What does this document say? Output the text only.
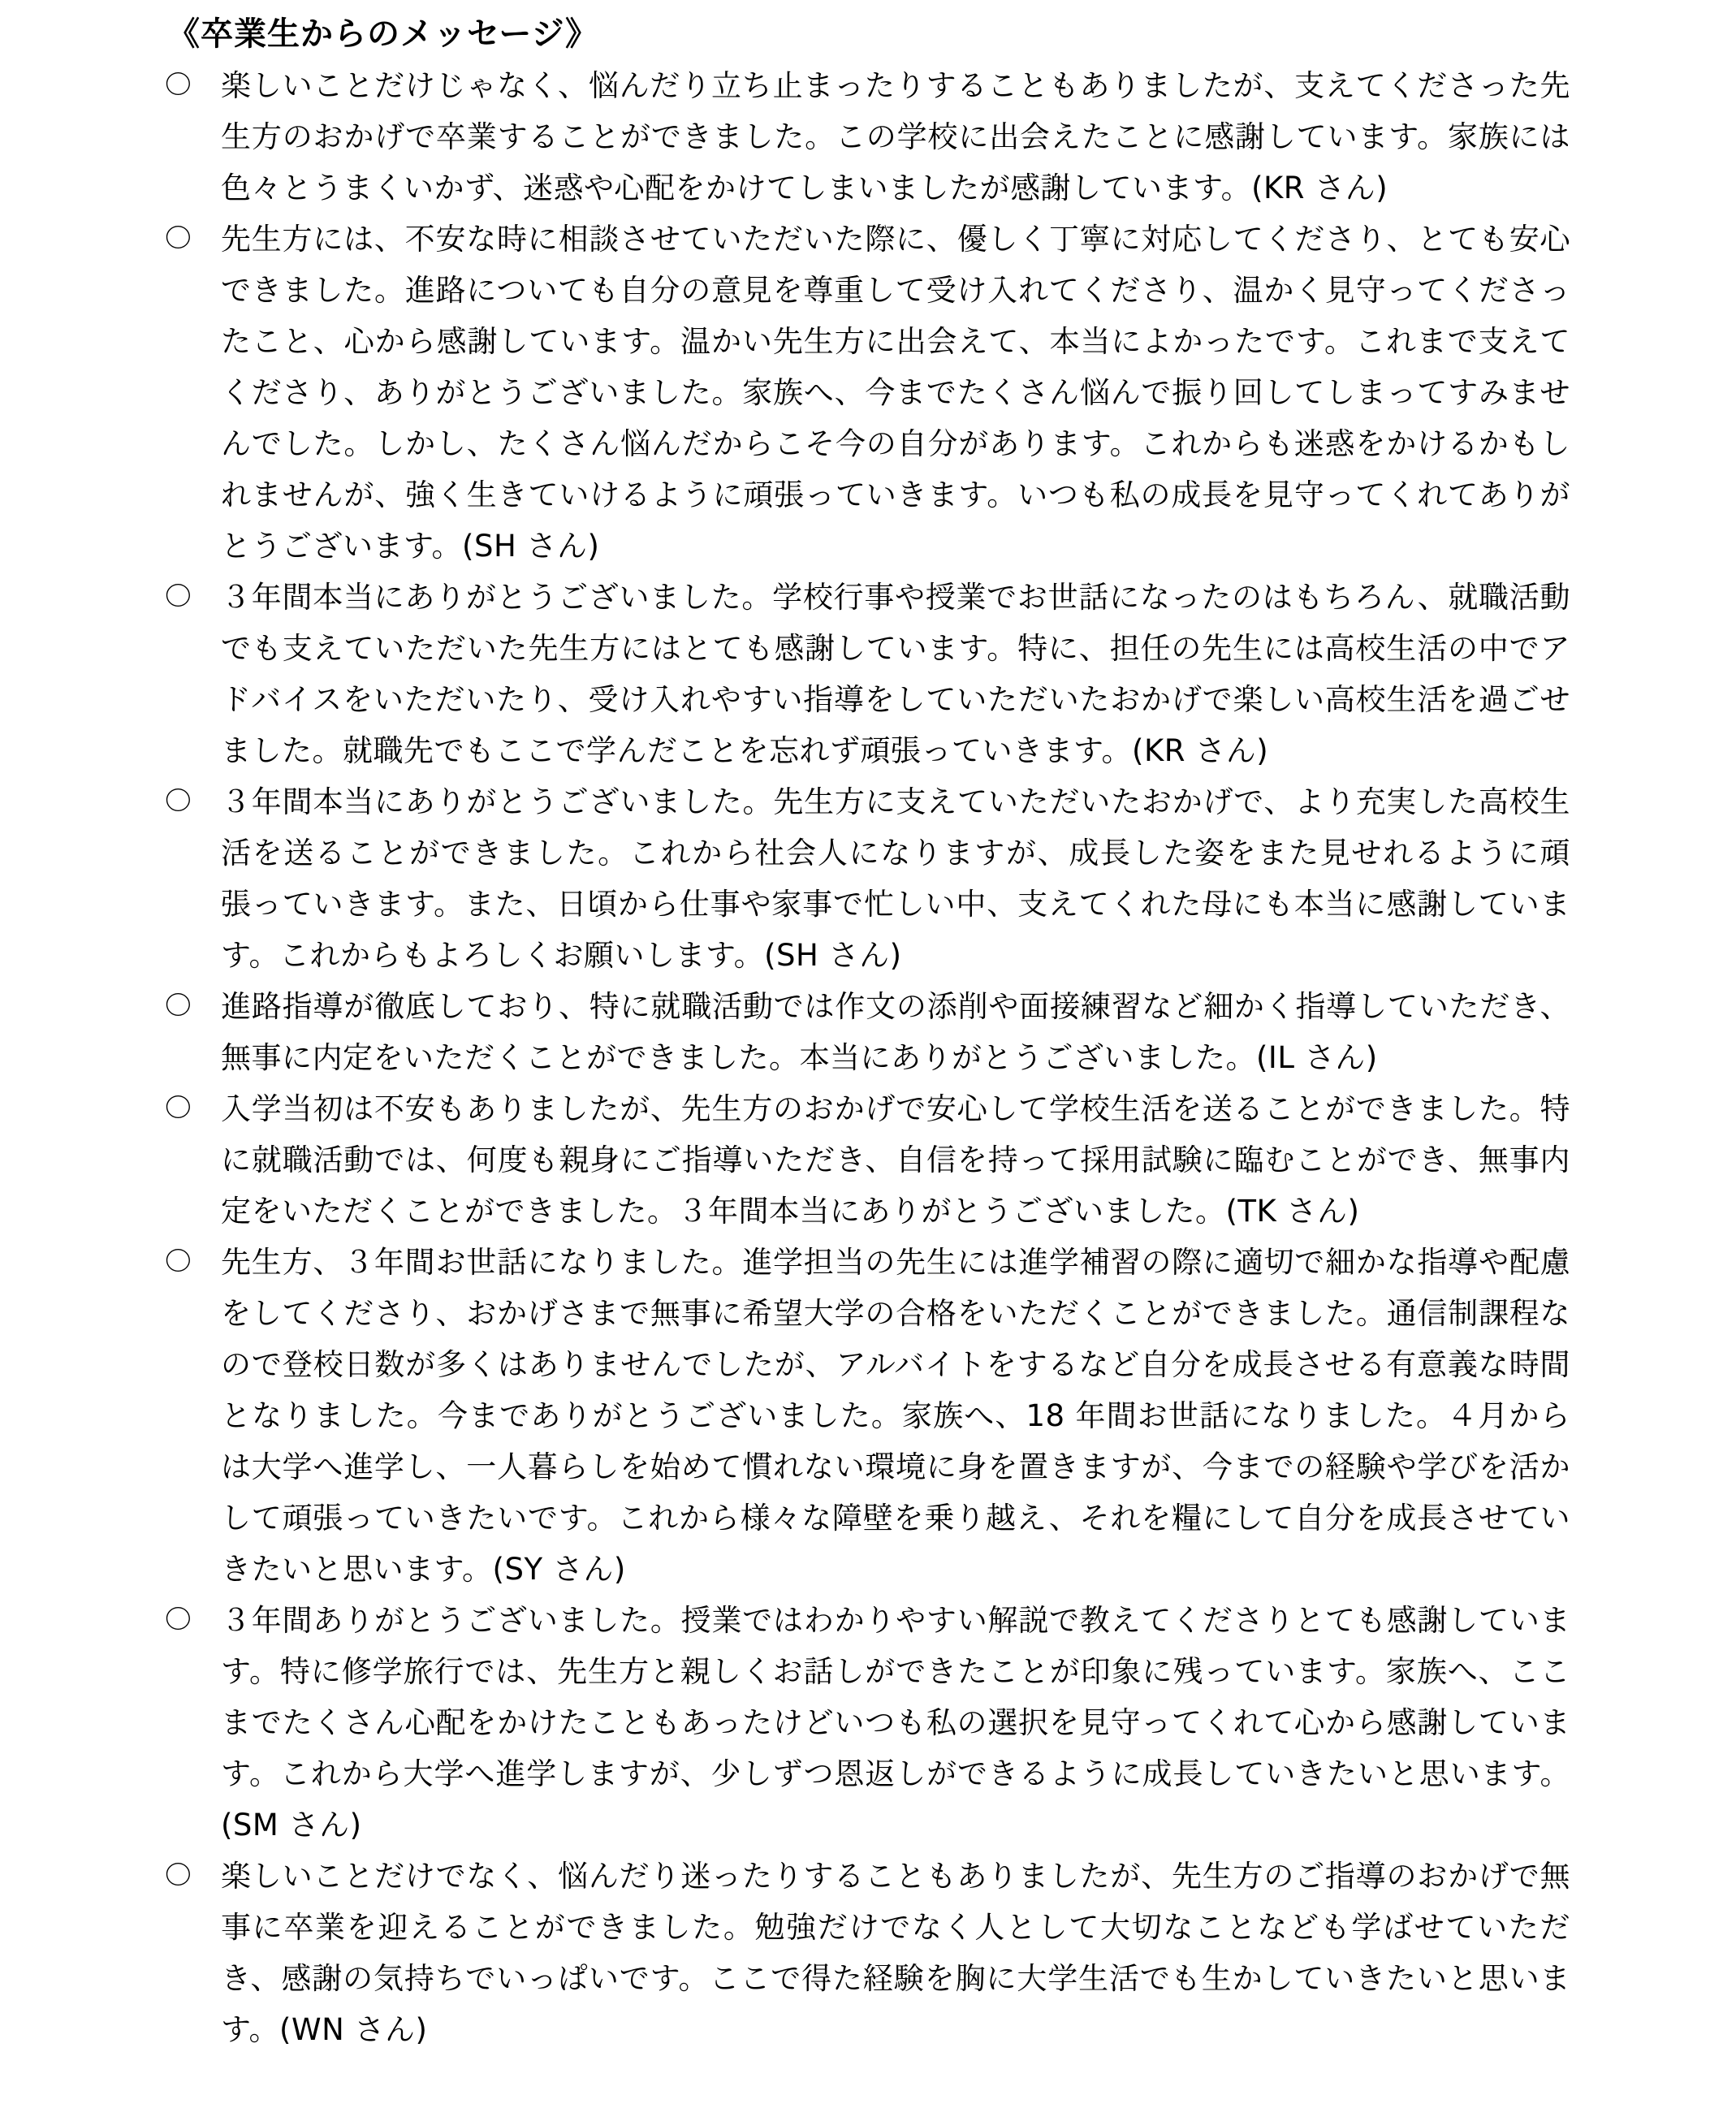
《卒業生からのメッセージ》
〇 楽しいことだけじゃなく、悩んだり立ち止まったりすることもありましたが、支えてくださった先生方のおかげで卒業することができました。この学校に出会えたことに感謝しています。家族には色々とうまくいかず、迷惑や心配をかけてしまいましたが感謝しています。(KR さん)

〇 先生方には、不安な時に相談させていただいた際に、優しく丁寧に対応してくださり、とても安心できました。進路についても自分の意見を尊重して受け入れてくださり、温かく見守ってくださったこと、心から感謝しています。温かい先生方に出会えて、本当によかったです。これまで支えてくださり、ありがとうございました。家族へ、今までたくさん悩んで振り回してしまってすみませんでした。しかし、たくさん悩んだからこそ今の自分があります。これからも迷惑をかけるかもしれませんが、強く生きていけるように頑張っていきます。いつも私の成長を見守ってくれてありがとうございます。(SH さん)

〇 ３年間本当にありがとうございました。学校行事や授業でお世話になったのはもちろん、就職活動でも支えていただいた先生方にはとても感謝しています。特に、担任の先生には高校生活の中でアドバイスをいただいたり、受け入れやすい指導をしていただいたおかげで楽しい高校生活を過ごせました。就職先でもここで学んだことを忘れず頑張っていきます。(KR さん)

〇 ３年間本当にありがとうございました。先生方に支えていただいたおかげで、より充実した高校生活を送ることができました。これから社会人になりますが、成長した姿をまた見せれるように頑張っていきます。また、日頃から仕事や家事で忙しい中、支えてくれた母にも本当に感謝しています。これからもよろしくお願いします。(SH さん)

〇 進路指導が徹底しており、特に就職活動では作文の添削や面接練習など細かく指導していただき、無事に内定をいただくことができました。本当にありがとうございました。(IL さん)

〇 入学当初は不安もありましたが、先生方のおかげで安心して学校生活を送ることができました。特に就職活動では、何度も親身にご指導いただき、自信を持って採用試験に臨むことができ、無事内定をいただくことができました。３年間本当にありがとうございました。(TK さん)

〇 先生方、３年間お世話になりました。進学担当の先生には進学補習の際に適切で細かな指導や配慮をしてくださり、おかげさまで無事に希望大学の合格をいただくことができました。通信制課程なので登校日数が多くはありませんでしたが、アルバイトをするなど自分を成長させる有意義な時間となりました。今までありがとうございました。家族へ、18 年間お世話になりました。４月からは大学へ進学し、一人暮らしを始めて慣れない環境に身を置きますが、今までの経験や学びを活かして頑張っていきたいです。これから様々な障壁を乗り越え、それを糧にして自分を成長させていきたいと思います。(SY さん)

〇 ３年間ありがとうございました。授業ではわかりやすい解説で教えてくださりとても感謝しています。特に修学旅行では、先生方と親しくお話しができたことが印象に残っています。家族へ、ここまでたくさん心配をかけたこともあったけどいつも私の選択を見守ってくれて心から感謝しています。これから大学へ進学しますが、少しずつ恩返しができるように成長していきたいと思います。(SM さん)

〇 楽しいことだけでなく、悩んだり迷ったりすることもありましたが、先生方のご指導のおかげで無事に卒業を迎えることができました。勉強だけでなく人として大切なことなども学ばせていただき、感謝の気持ちでいっぱいです。ここで得た経験を胸に大学生活でも生かしていきたいと思います。(WN さん)
